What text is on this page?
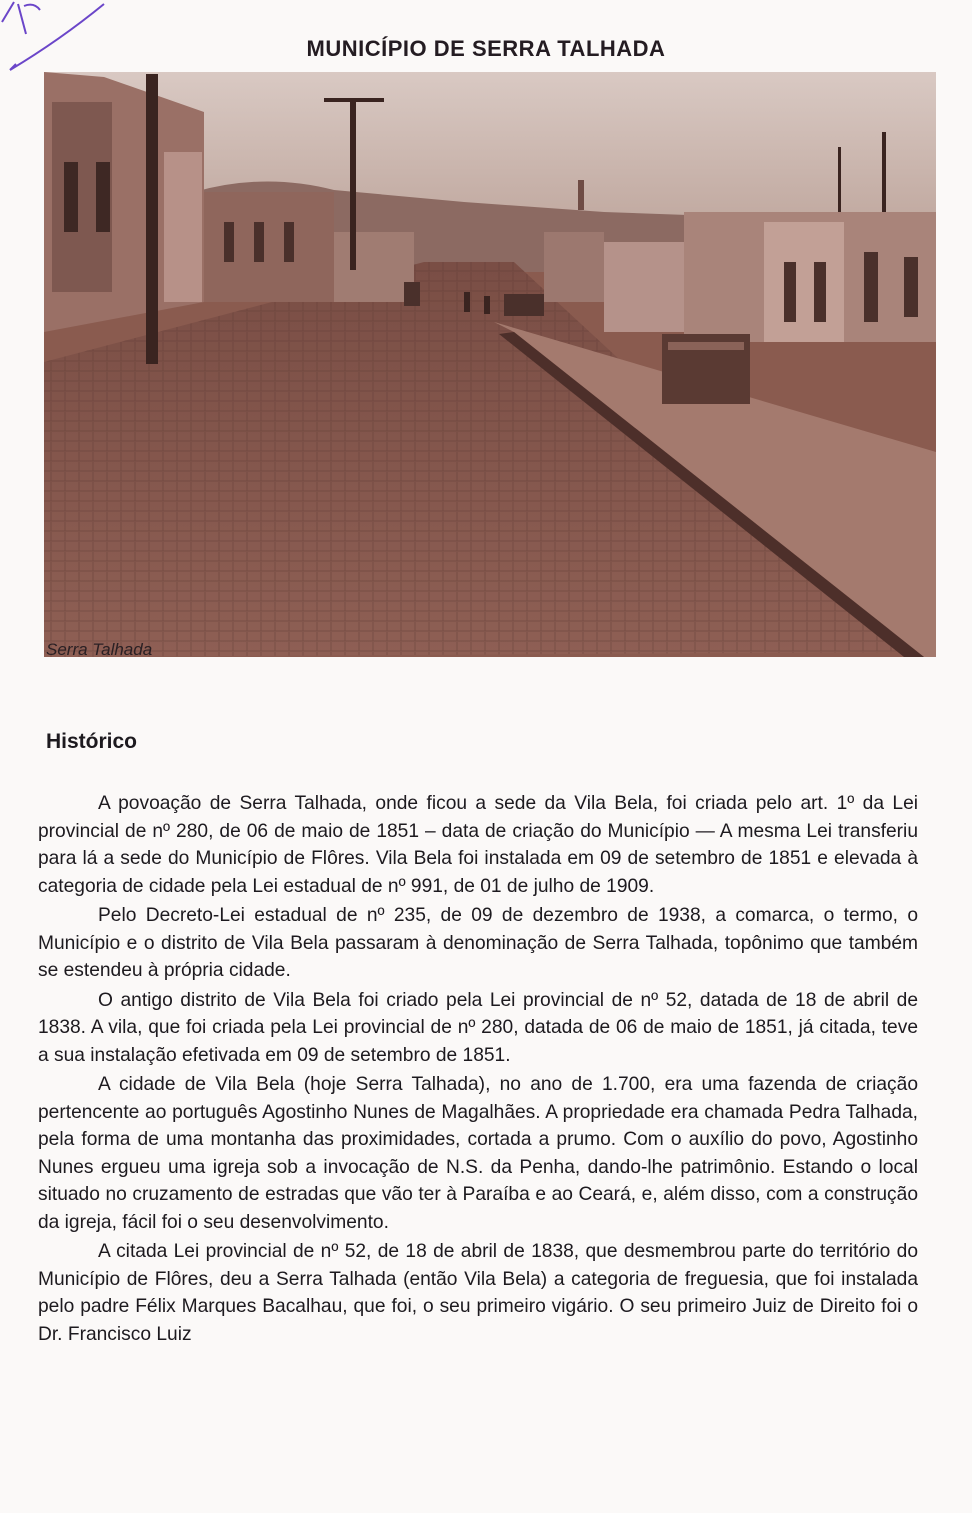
MUNICÍPIO DE SERRA TALHADA
Serra Talhada
Histórico

A povoação de Serra Talhada, onde ficou a sede da Vila Bela, foi criada pelo art. 1º da Lei provincial de nº 280, de 06 de maio de 1851 – data de criação do Município — A mesma Lei transferiu para lá a sede do Município de Flôres. Vila Bela foi instalada em 09 de setembro de 1851 e elevada à categoria de cidade pela Lei estadual de nº 991, de 01 de julho de 1909.

Pelo Decreto-Lei estadual de nº 235, de 09 de dezembro de 1938, a comarca, o termo, o Município e o distrito de Vila Bela passaram à denominação de Serra Talhada, topônimo que também se estendeu à própria cidade.

O antigo distrito de Vila Bela foi criado pela Lei provincial de nº 52, datada de 18 de abril de 1838. A vila, que foi criada pela Lei provincial de nº 280, datada de 06 de maio de 1851, já citada, teve a sua instalação efetivada em 09 de setembro de 1851.

A cidade de Vila Bela (hoje Serra Talhada), no ano de 1.700, era uma fazenda de criação pertencente ao português Agostinho Nunes de Magalhães. A propriedade era chamada Pedra Talhada, pela forma de uma montanha das proximidades, cortada a prumo. Com o auxílio do povo, Agostinho Nunes ergueu uma igreja sob a invocação de N.S. da Penha, dando-lhe patrimônio. Estando o local situado no cruzamento de estradas que vão ter à Paraíba e ao Ceará, e, além disso, com a construção da igreja, fácil foi o seu desenvolvimento.

A citada Lei provincial de nº 52, de 18 de abril de 1838, que desmembrou parte do território do Município de Flôres, deu a Serra Talhada (então Vila Bela) a categoria de freguesia, que foi instalada pelo padre Félix Marques Bacalhau, que foi, o seu primeiro vigário. O seu primeiro Juiz de Direito foi o Dr. Francisco Luiz
